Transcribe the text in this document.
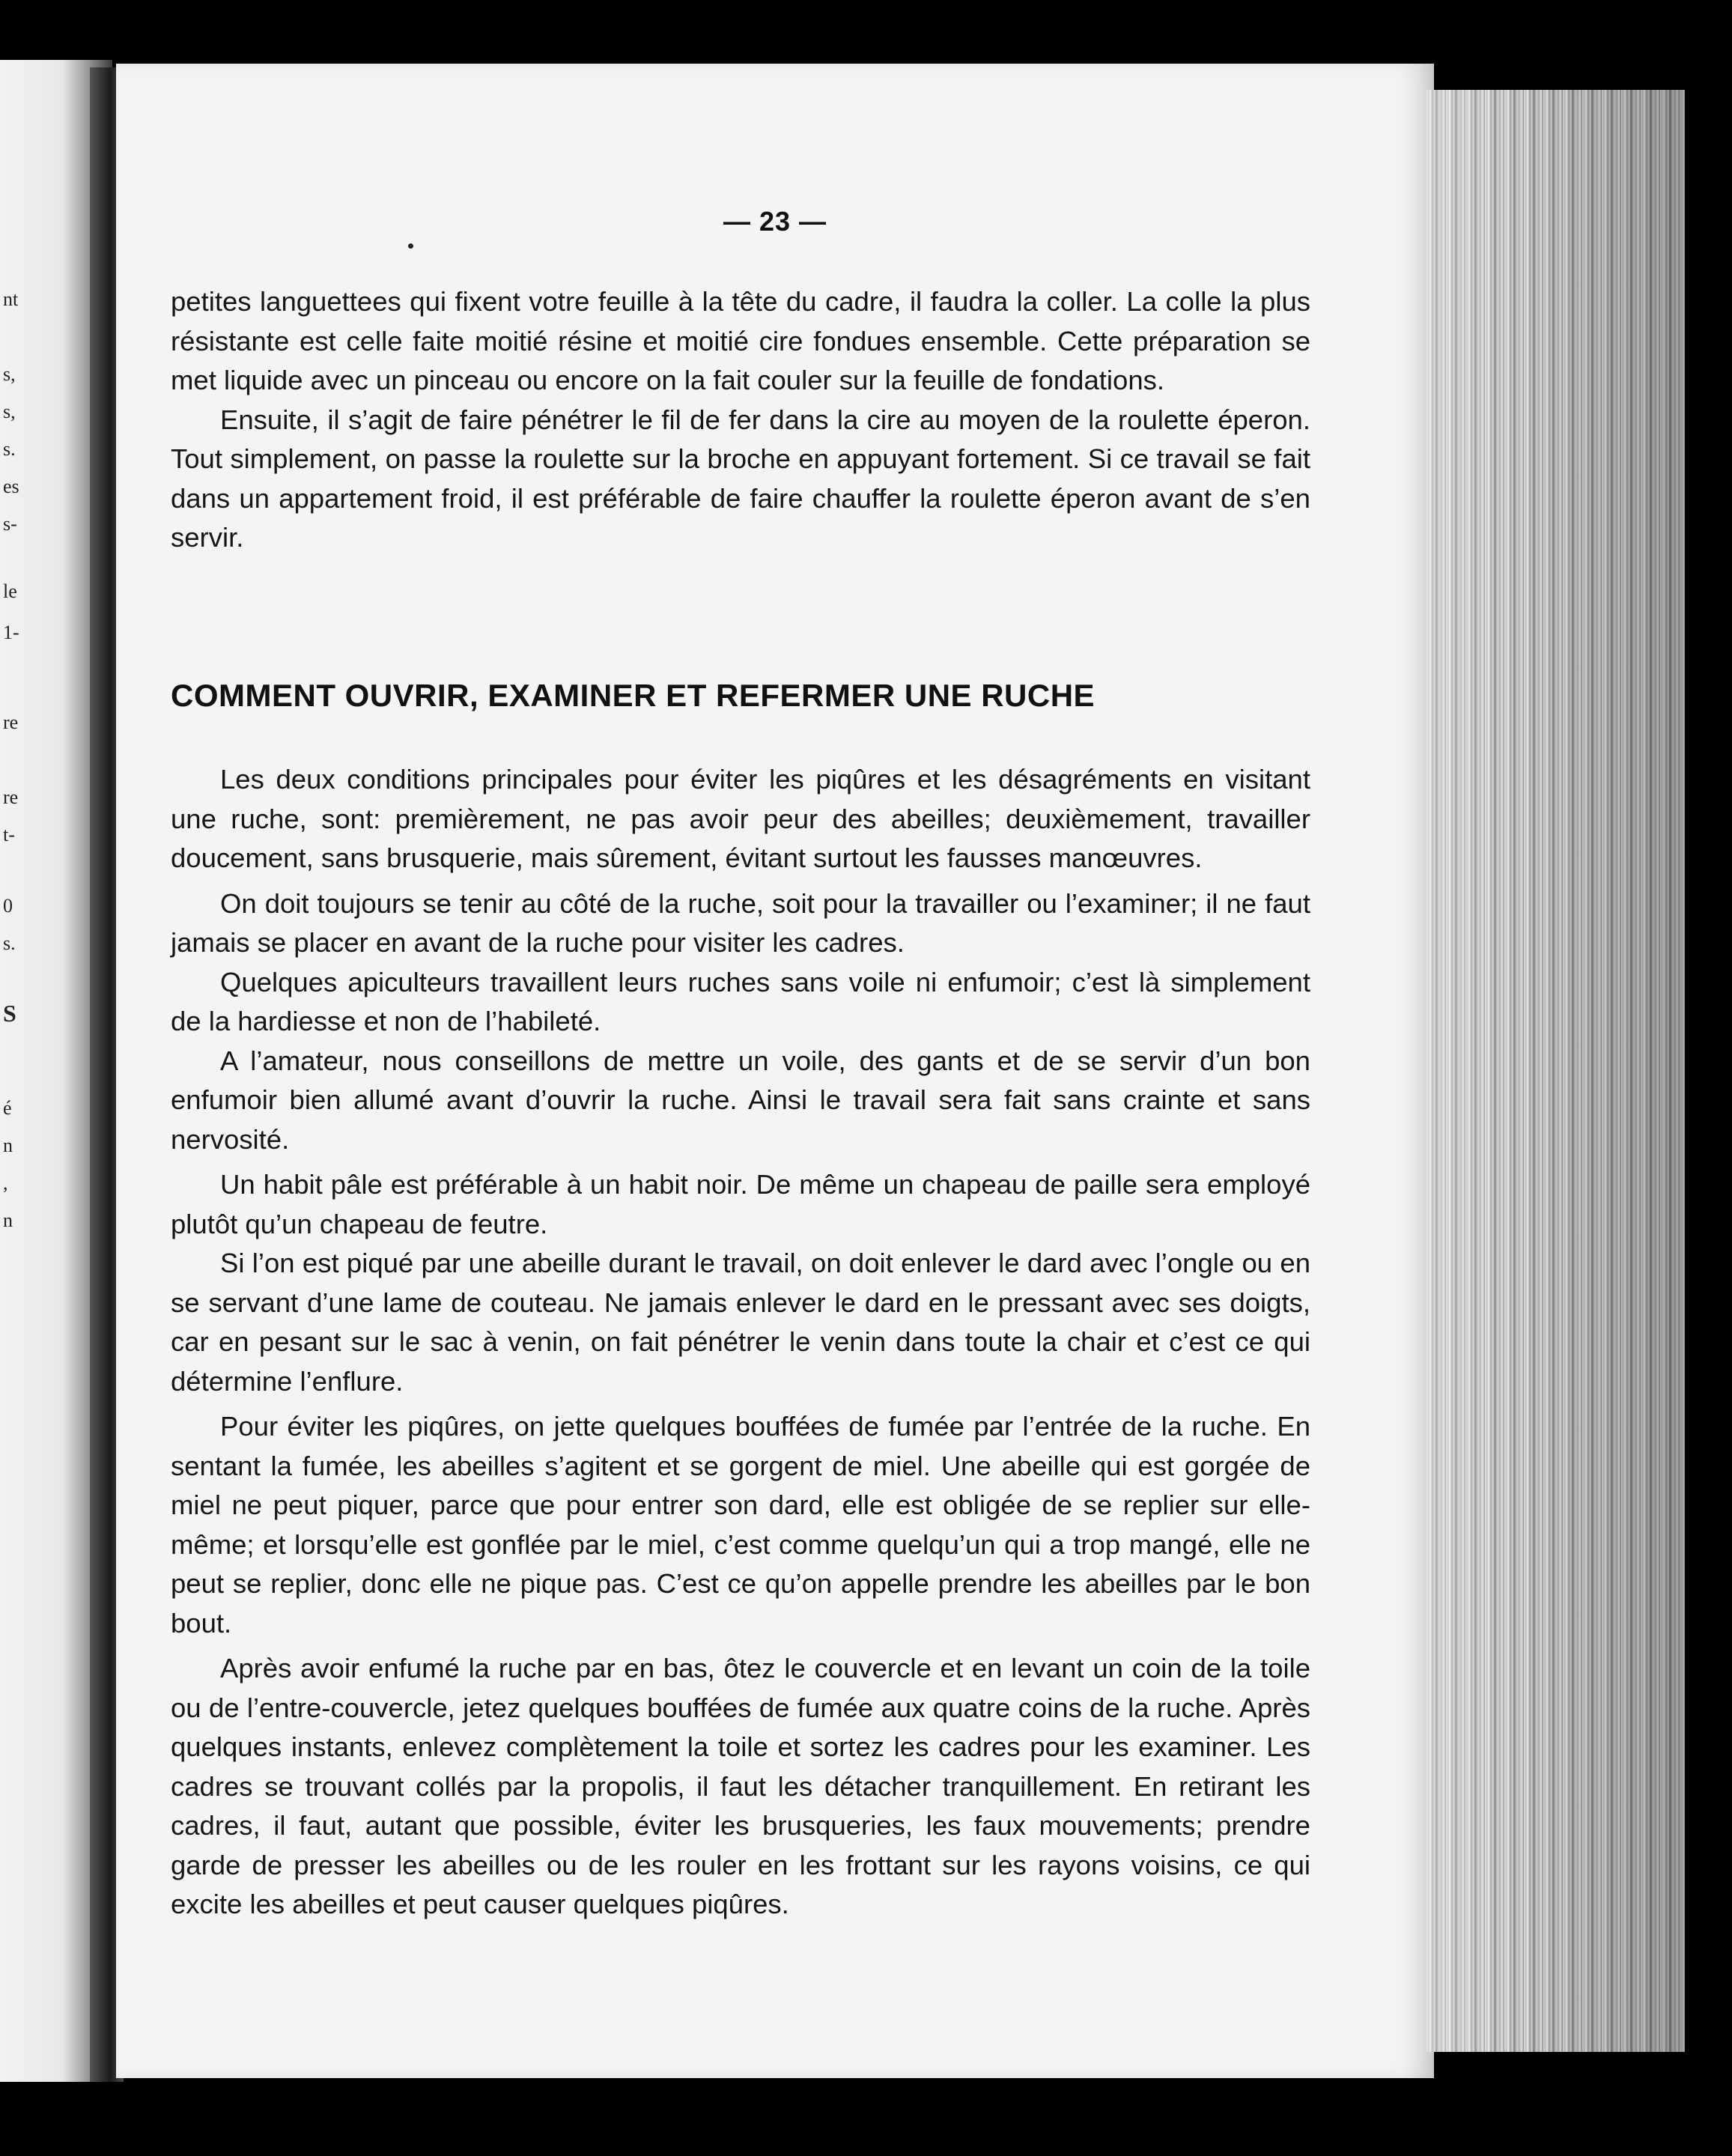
nt
s,
s,
s.
es
s-
le
1-
re
re
t-
0
s.
S
é
n
,
n
— 23 —

petites languettees qui fixent votre feuille à la tête du cadre, il faudra la coller. La colle la plus résistante est celle faite moitié résine et moitié cire fondues ensemble. Cette préparation se met liquide avec un pinceau ou encore on la fait couler sur la feuille de fondations.

Ensuite, il s’agit de faire pénétrer le fil de fer dans la cire au moyen de la roulette éperon. Tout simplement, on passe la roulette sur la broche en appuyant fortement. Si ce travail se fait dans un appartement froid, il est préférable de faire chauffer la roulette éperon avant de s’en servir.

COMMENT OUVRIR, EXAMINER ET REFERMER UNE RUCHE

Les deux conditions principales pour éviter les piqûres et les désagréments en visitant une ruche, sont: premièrement, ne pas avoir peur des abeilles; deuxièmement, travailler doucement, sans brusquerie, mais sûrement, évitant surtout les fausses manœuvres.

On doit toujours se tenir au côté de la ruche, soit pour la travailler ou l’examiner; il ne faut jamais se placer en avant de la ruche pour visiter les cadres.

Quelques apiculteurs travaillent leurs ruches sans voile ni enfumoir; c’est là simplement de la hardiesse et non de l’habileté.

A l’amateur, nous conseillons de mettre un voile, des gants et de se servir d’un bon enfumoir bien allumé avant d’ouvrir la ruche. Ainsi le travail sera fait sans crainte et sans nervosité.

Un habit pâle est préférable à un habit noir. De même un chapeau de paille sera employé plutôt qu’un chapeau de feutre.

Si l’on est piqué par une abeille durant le travail, on doit enlever le dard avec l’ongle ou en se servant d’une lame de couteau. Ne jamais enlever le dard en le pressant avec ses doigts, car en pesant sur le sac à venin, on fait pénétrer le venin dans toute la chair et c’est ce qui détermine l’enflure.

Pour éviter les piqûres, on jette quelques bouffées de fumée par l’entrée de la ruche. En sentant la fumée, les abeilles s’agitent et se gorgent de miel. Une abeille qui est gorgée de miel ne peut piquer, parce que pour entrer son dard, elle est obligée de se replier sur elle-même; et lorsqu’elle est gonflée par le miel, c’est comme quelqu’un qui a trop mangé, elle ne peut se replier, donc elle ne pique pas. C’est ce qu’on appelle prendre les abeilles par le bon bout.

Après avoir enfumé la ruche par en bas, ôtez le couvercle et en levant un coin de la toile ou de l’entre-couvercle, jetez quelques bouffées de fumée aux quatre coins de la ruche. Après quelques instants, enlevez complètement la toile et sortez les cadres pour les examiner. Les cadres se trouvant collés par la propolis, il faut les détacher tranquillement. En retirant les cadres, il faut, autant que possible, éviter les brusqueries, les faux mouvements; prendre garde de presser les abeilles ou de les rouler en les frottant sur les rayons voisins, ce qui excite les abeilles et peut causer quelques piqûres.
